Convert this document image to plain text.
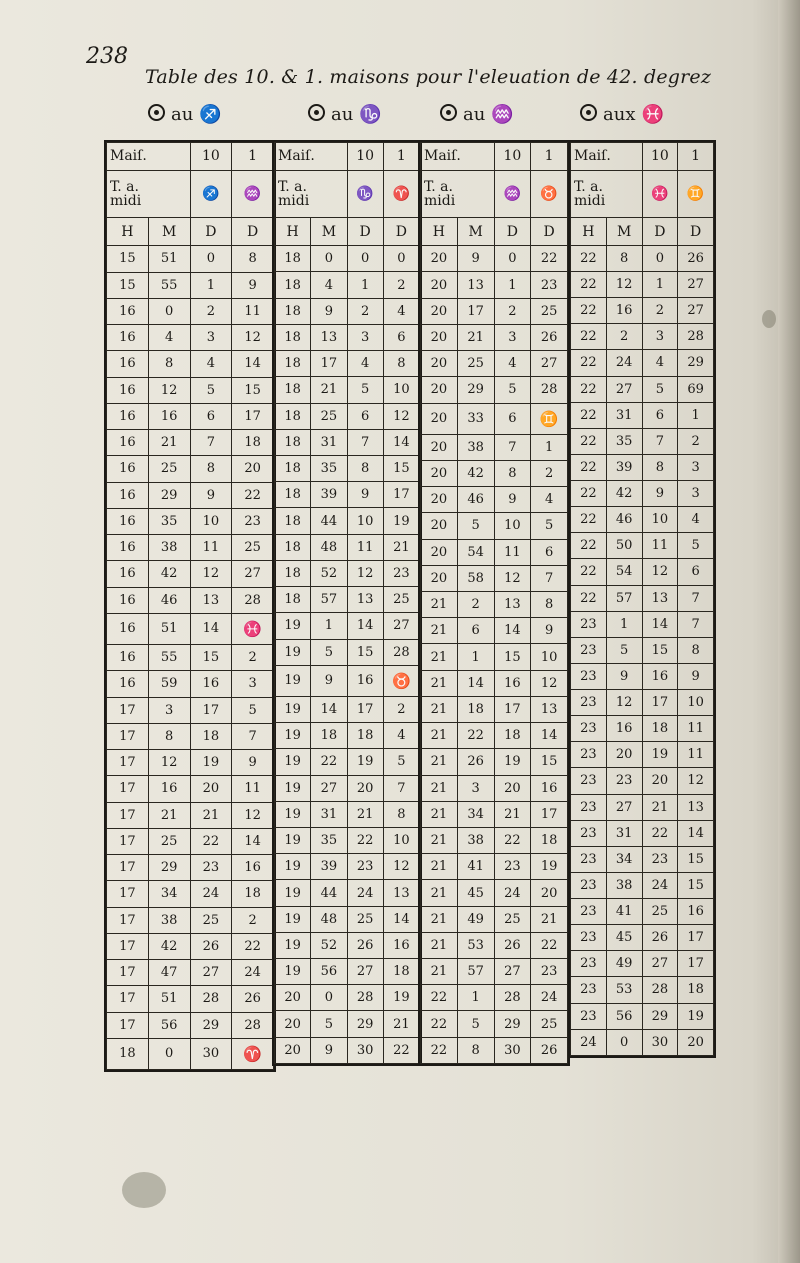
238
Table des 10. & 1. maisons pour l'eleuation de 42. degrez
au ♐	au ♑	au ♒	aux ♓
Maiſ.		10	1
T. a.
midi		♐	♒
H	M	D	D
15	51	0	8
15	55	1	9
16	0	2	11
16	4	3	12
16	8	4	14
16	12	5	15
16	16	6	17
16	21	7	18
16	25	8	20
16	29	9	22
16	35	10	23
16	38	11	25
16	42	12	27
16	46	13	28
16	51	14	♓
16	55	15	2
16	59	16	3
17	3	17	5
17	8	18	7
17	12	19	9
17	16	20	11
17	21	21	12
17	25	22	14
17	29	23	16
17	34	24	18
17	38	25	2
17	42	26	22
17	47	27	24
17	51	28	26
17	56	29	28
18	0	30	♈
Maiſ.		10	1
T. a.
midi		♑	♈
H	M	D	D
18	0	0	0
18	4	1	2
18	9	2	4
18	13	3	6
18	17	4	8
18	21	5	10
18	25	6	12
18	31	7	14
18	35	8	15
18	39	9	17
18	44	10	19
18	48	11	21
18	52	12	23
18	57	13	25
19	1	14	27
19	5	15	28
19	9	16	♉
19	14	17	2
19	18	18	4
19	22	19	5
19	27	20	7
19	31	21	8
19	35	22	10
19	39	23	12
19	44	24	13
19	48	25	14
19	52	26	16
19	56	27	18
20	0	28	19
20	5	29	21
20	9	30	22
Maiſ.		10	1
T. a.
midi		♒	♉
H	M	D	D
20	9	0	22
20	13	1	23
20	17	2	25
20	21	3	26
20	25	4	27
20	29	5	28
20	33	6	♊
20	38	7	1
20	42	8	2
20	46	9	4
20	5	10	5
20	54	11	6
20	58	12	7
21	2	13	8
21	6	14	9
21	1	15	10
21	14	16	12
21	18	17	13
21	22	18	14
21	26	19	15
21	3	20	16
21	34	21	17
21	38	22	18
21	41	23	19
21	45	24	20
21	49	25	21
21	53	26	22
21	57	27	23
22	1	28	24
22	5	29	25
22	8	30	26
Maiſ.		10	1
T. a.
midi		♓	♊
H	M	D	D
22	8	0	26
22	12	1	27
22	16	2	27
22	2	3	28
22	24	4	29
22	27	5	69
22	31	6	1
22	35	7	2
22	39	8	3
22	42	9	3
22	46	10	4
22	50	11	5
22	54	12	6
22	57	13	7
23	1	14	7
23	5	15	8
23	9	16	9
23	12	17	10
23	16	18	11
23	20	19	11
23	23	20	12
23	27	21	13
23	31	22	14
23	34	23	15
23	38	24	15
23	41	25	16
23	45	26	17
23	49	27	17
23	53	28	18
23	56	29	19
24	0	30	20
